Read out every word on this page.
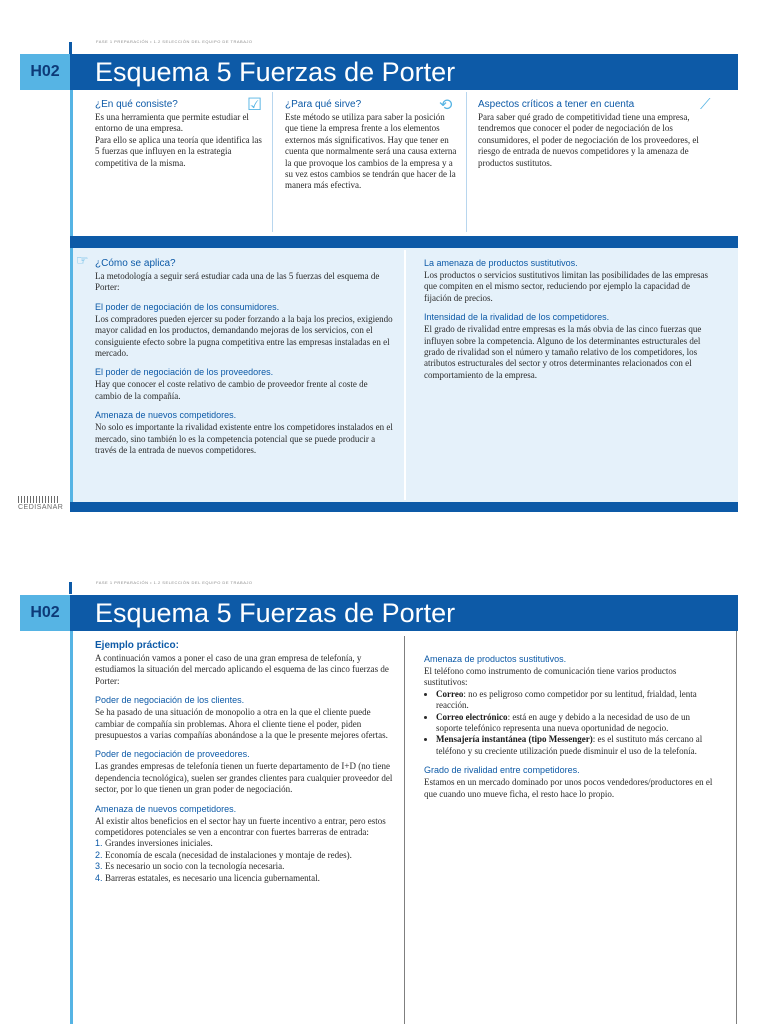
FASE 1 PREPARACIÓN • 1.2 SELECCIÓN DEL EQUIPO DE TRABAJO
H02	Esquema 5 Fuerzas de Porter
¿En qué consiste?

Es una herramienta que permite estudiar el entorno de una empresa.
Para ello se aplica una teoría que identifica las 5 fuerzas que influyen en la estrategia competitiva de la misma.

☑ ¿Para qué sirve?

Este método se utiliza para saber la posición que tiene la empresa frente a los elementos externos más significativos. Hay que tener en cuenta que normalmente será una causa externa la que provoque los cambios de la empresa y a su vez estos cambios se tendrán que hacer de la manera más efectiva.

⟲	Aspectos críticos a tener en cuenta

Para saber qué grado de competitividad tiene una empresa, tendremos que conocer el poder de negociación de los consumidores, el poder de negociación de los proveedores, el riesgo de entrada de nuevos competidores y la amenaza de productos sustitutos.

⟋
☞ ¿Cómo se aplica?

La metodología a seguir será estudiar cada una de las 5 fuerzas del esquema de Porter:

El poder de negociación de los consumidores.

Los compradores pueden ejercer su poder forzando a la baja los precios, exigiendo mayor calidad en los productos, demandando mejoras de los servicios, con el consiguiente efecto sobre la pugna competitiva entre las empresas instaladas en el mercado.

El poder de negociación de los proveedores.

Hay que conocer el coste relativo de cambio de proveedor frente al coste de cambio de la compañía.

Amenaza de nuevos competidores.

No solo es importante la rivalidad existente entre los competidores instalados en el mercado, sino también lo es la competencia potencial que se puede producir a través de la entrada de nuevos competidores.

La amenaza de productos sustitutivos.

Los productos o servicios sustitutivos limitan las posibilidades de las empresas que compiten en el mismo sector, reduciendo por ejemplo la capacidad de fijación de precios.

Intensidad de la rivalidad de los competidores.

El grado de rivalidad entre empresas es la más obvia de las cinco fuerzas que influyen sobre la competencia. Alguno de los determinantes estructurales del grado de rivalidad son el número y tamaño relativo de los competidores, los atributos estructurales del sector y otros determinantes relacionados con el comportamiento de la empresa.

CEDISANAR
FASE 1 PREPARACIÓN • 1.2 SELECCIÓN DEL EQUIPO DE TRABAJO
H02	Esquema 5 Fuerzas de Porter
Ejemplo práctico:

A continuación vamos a poner el caso de una gran empresa de telefonía, y estudiamos la situación del mercado aplicando el esquema de las cinco fuerzas de Porter:

Poder de negociación de los clientes.

Se ha pasado de una situación de monopolio a otra en la que el cliente puede cambiar de compañía sin problemas. Ahora el cliente tiene el poder, piden presupuestos a varias compañías abonándose a la que le presente mejores ofertas.

Poder de negociación de proveedores.

Las grandes empresas de telefonía tienen un fuerte departamento de I+D (no tiene dependencia tecnológica), suelen ser grandes clientes para cualquier proveedor del sector, por lo que tienen un gran poder de negociación.

Amenaza de nuevos competidores.

Al existir altos beneficios en el sector hay un fuerte incentivo a entrar, pero estos competidores potenciales se ven a encontrar con fuertes barreras de entrada:

1. Grandes inversiones iniciales.
2. Economía de escala (necesidad de instalaciones y montaje de redes).
3. Es necesario un socio con la tecnología necesaria.
4. Barreras estatales, es necesario una licencia gubernamental.
Amenaza de productos sustitutivos.

El teléfono como instrumento de comunicación tiene varios productos sustitutivos:

• Correo: no es peligroso como competidor por su lentitud, frialdad, lenta reacción.
• Correo electrónico: está en auge y debido a la necesidad de uso de un soporte telefónico representa una nueva oportunidad de negocio.
• Mensajería instantánea (tipo Messenger): es el sustituto más cercano al teléfono y su creciente utilización puede disminuir el uso de la telefonía.
Grado de rivalidad entre competidores.

Estamos en un mercado dominado por unos pocos vendedores/productores en el que cuando uno mueve ficha, el resto hace lo propio.
